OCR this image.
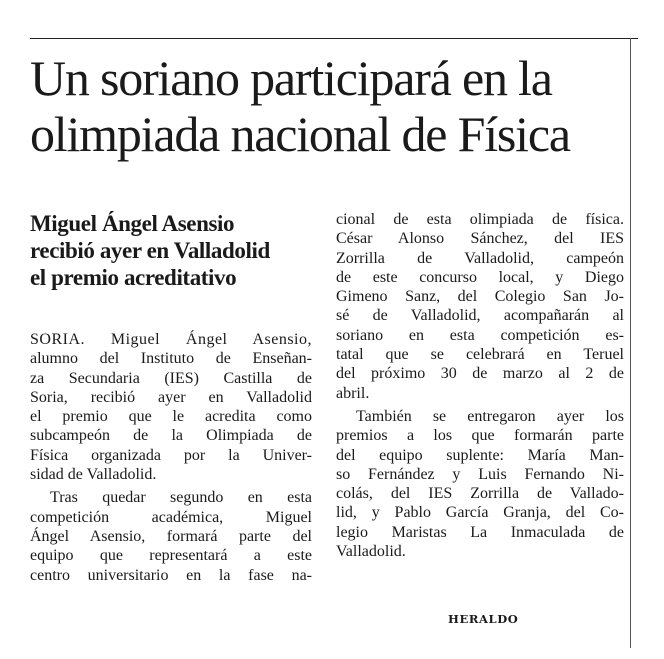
Un soriano participará en la
olimpiada nacional de Física
Miguel Ángel Asensio
recibió ayer en Valladolid
el premio acreditativo

SORIA. Miguel Ángel Asensio,
alumno del Instituto de Enseñan-
za Secundaria (IES) Castilla de
Soria, recibió ayer en Valladolid
el premio que le acredita como
subcampeón de la Olimpiada de
Física organizada por la Univer-
sidad de Valladolid.

Tras quedar segundo en esta
competición académica, Miguel
Ángel Asensio, formará parte del
equipo que representará a este
centro universitario en la fase na-

cional de esta olimpiada de física.
César Alonso Sánchez, del IES
Zorrilla de Valladolid, campeón
de este concurso local, y Diego
Gimeno Sanz, del Colegio San Jo-
sé de Valladolid, acompañarán al
soriano en esta competición es-
tatal que se celebrará en Teruel
del próximo 30 de marzo al 2 de
abril.

También se entregaron ayer los
premios a los que formarán parte
del equipo suplente: María Man-
so Fernández y Luis Fernando Ni-
colás, del IES Zorrilla de Vallado-
lid, y Pablo García Granja, del Co-
legio Maristas La Inmaculada de
Valladolid.

HERALDO
